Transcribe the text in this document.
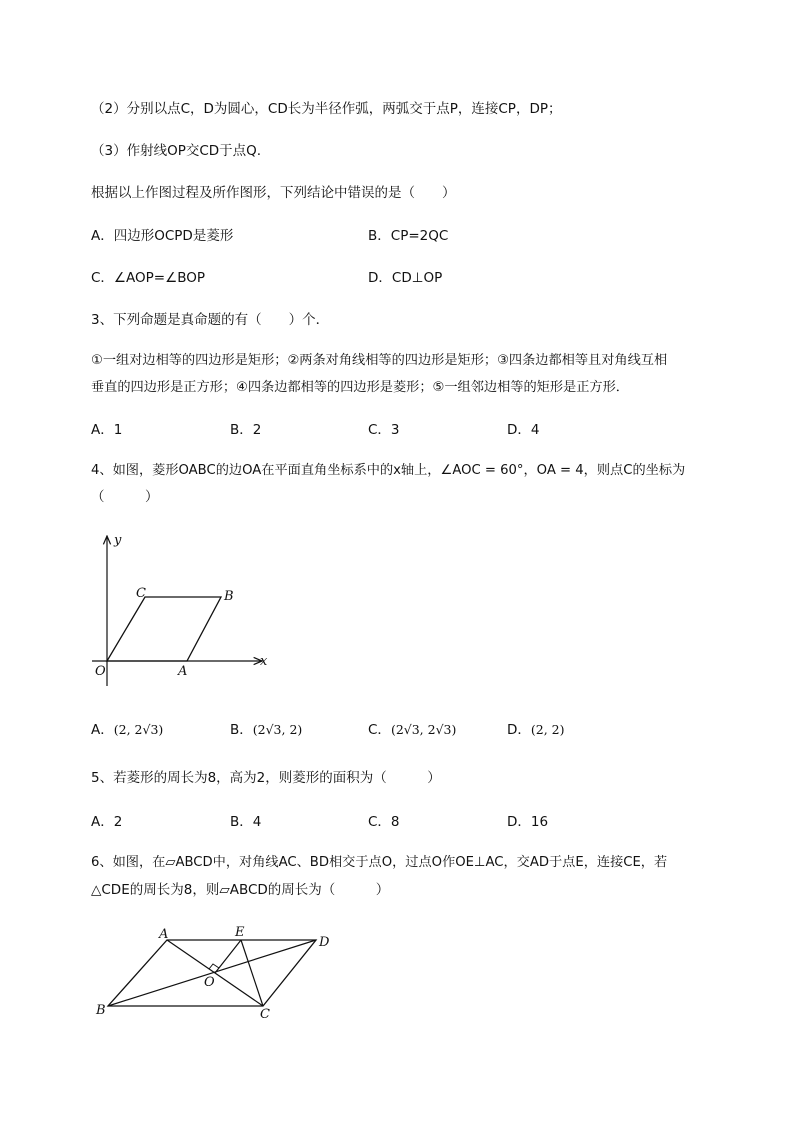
（2）分别以点C，D为圆心，CD长为半径作弧，两弧交于点P，连接CP，DP；
（3）作射线OP交CD于点Q.
根据以上作图过程及所作图形，下列结论中错误的是（　　）
A．四边形OCPD是菱形	B．CP=2QC
C．∠AOP=∠BOP	D．CD⊥OP
3、下列命题是真命题的有（　　）个．
①一组对边相等的四边形是矩形；②两条对角线相等的四边形是矩形；③四条边都相等且对角线互相
垂直的四边形是正方形；④四条边都相等的四边形是菱形；⑤一组邻边相等的矩形是正方形．
A．1	B．2	C．3	D．4
4、如图，菱形OABC的边OA在平面直角坐标系中的x轴上，∠AOC = 60°，OA = 4，则点C的坐标为
（　　　）
y
x
O	A
B
C
A．(2, 2√3)	B．(2√3, 2)	C．(2√3, 2√3)	D．(2, 2)
5、若菱形的周长为8，高为2，则菱形的面积为（　　　）
A．2	B．4	C．8	D．16
6、如图，在▱ABCD中，对角线AC、BD相交于点O，过点O作OE⊥AC，交AD于点E，连接CE，若
△CDE的周长为8，则▱ABCD的周长为（　　　）
A	E
D
O
B	C
